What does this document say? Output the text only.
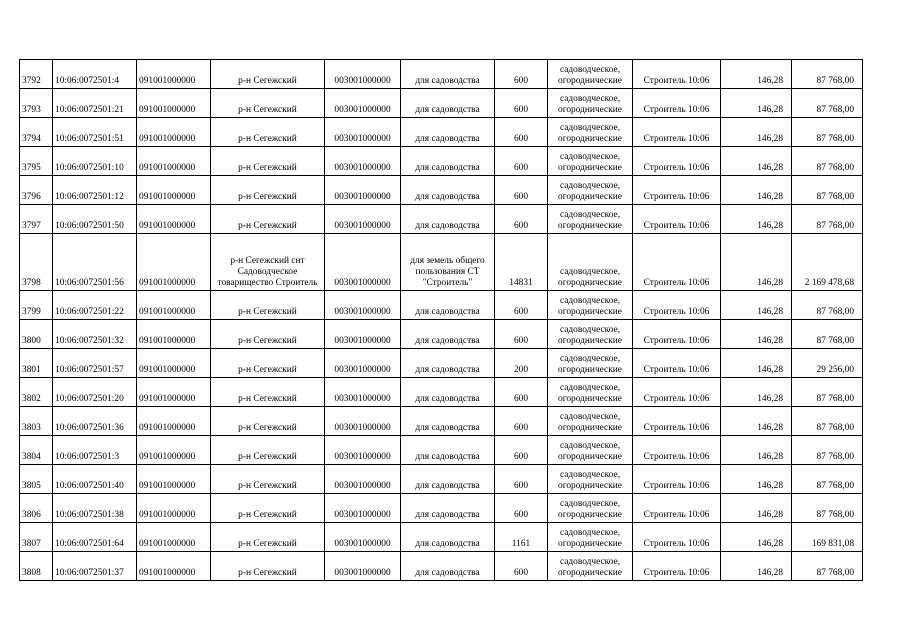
3792	10:06:0072501:4	091001000000	р-н Сегежский	003001000000	для садоводства	600	садоводческое, огороднические	Строитель 10:06	146,28	87 768,00
3793	10:06:0072501:21	091001000000	р-н Сегежский	003001000000	для садоводства	600	садоводческое, огороднические	Строитель 10:06	146,28	87 768,00
3794	10:06:0072501:51	091001000000	р-н Сегежский	003001000000	для садоводства	600	садоводческое, огороднические	Строитель 10:06	146,28	87 768,00
3795	10:06:0072501:10	091001000000	р-н Сегежский	003001000000	для садоводства	600	садоводческое, огороднические	Строитель 10:06	146,28	87 768,00
3796	10:06:0072501:12	091001000000	р-н Сегежский	003001000000	для садоводства	600	садоводческое, огороднические	Строитель 10:06	146,28	87 768,00
3797	10:06:0072501:50	091001000000	р-н Сегежский	003001000000	для садоводства	600	садоводческое, огороднические	Строитель 10:06	146,28	87 768,00
3798	10:06:0072501:56	091001000000	р-н Сегежский снт Садоводческое товарищество Строитель	003001000000	для земель общего пользования СТ "Строитель"	14831	садоводческое, огороднические	Строитель 10:06	146,28	2 169 478,68
3799	10:06:0072501:22	091001000000	р-н Сегежский	003001000000	для садоводства	600	садоводческое, огороднические	Строитель 10:06	146,28	87 768,00
3800	10:06:0072501:32	091001000000	р-н Сегежский	003001000000	для садоводства	600	садоводческое, огороднические	Строитель 10:06	146,28	87 768,00
3801	10:06:0072501:57	091001000000	р-н Сегежский	003001000000	для садоводства	200	садоводческое, огороднические	Строитель 10:06	146,28	29 256,00
3802	10:06:0072501:20	091001000000	р-н Сегежский	003001000000	для садоводства	600	садоводческое, огороднические	Строитель 10:06	146,28	87 768,00
3803	10:06:0072501:36	091001000000	р-н Сегежский	003001000000	для садоводства	600	садоводческое, огороднические	Строитель 10:06	146,28	87 768,00
3804	10:06:0072501:3	091001000000	р-н Сегежский	003001000000	для садоводства	600	садоводческое, огороднические	Строитель 10:06	146,28	87 768,00
3805	10:06:0072501:40	091001000000	р-н Сегежский	003001000000	для садоводства	600	садоводческое, огороднические	Строитель 10:06	146,28	87 768,00
3806	10:06:0072501:38	091001000000	р-н Сегежский	003001000000	для садоводства	600	садоводческое, огороднические	Строитель 10:06	146,28	87 768,00
3807	10:06:0072501:64	091001000000	р-н Сегежский	003001000000	для садоводства	1161	садоводческое, огороднические	Строитель 10:06	146,28	169 831,08
3808	10:06:0072501:37	091001000000	р-н Сегежский	003001000000	для садоводства	600	садоводческое, огороднические	Строитель 10:06	146,28	87 768,00
